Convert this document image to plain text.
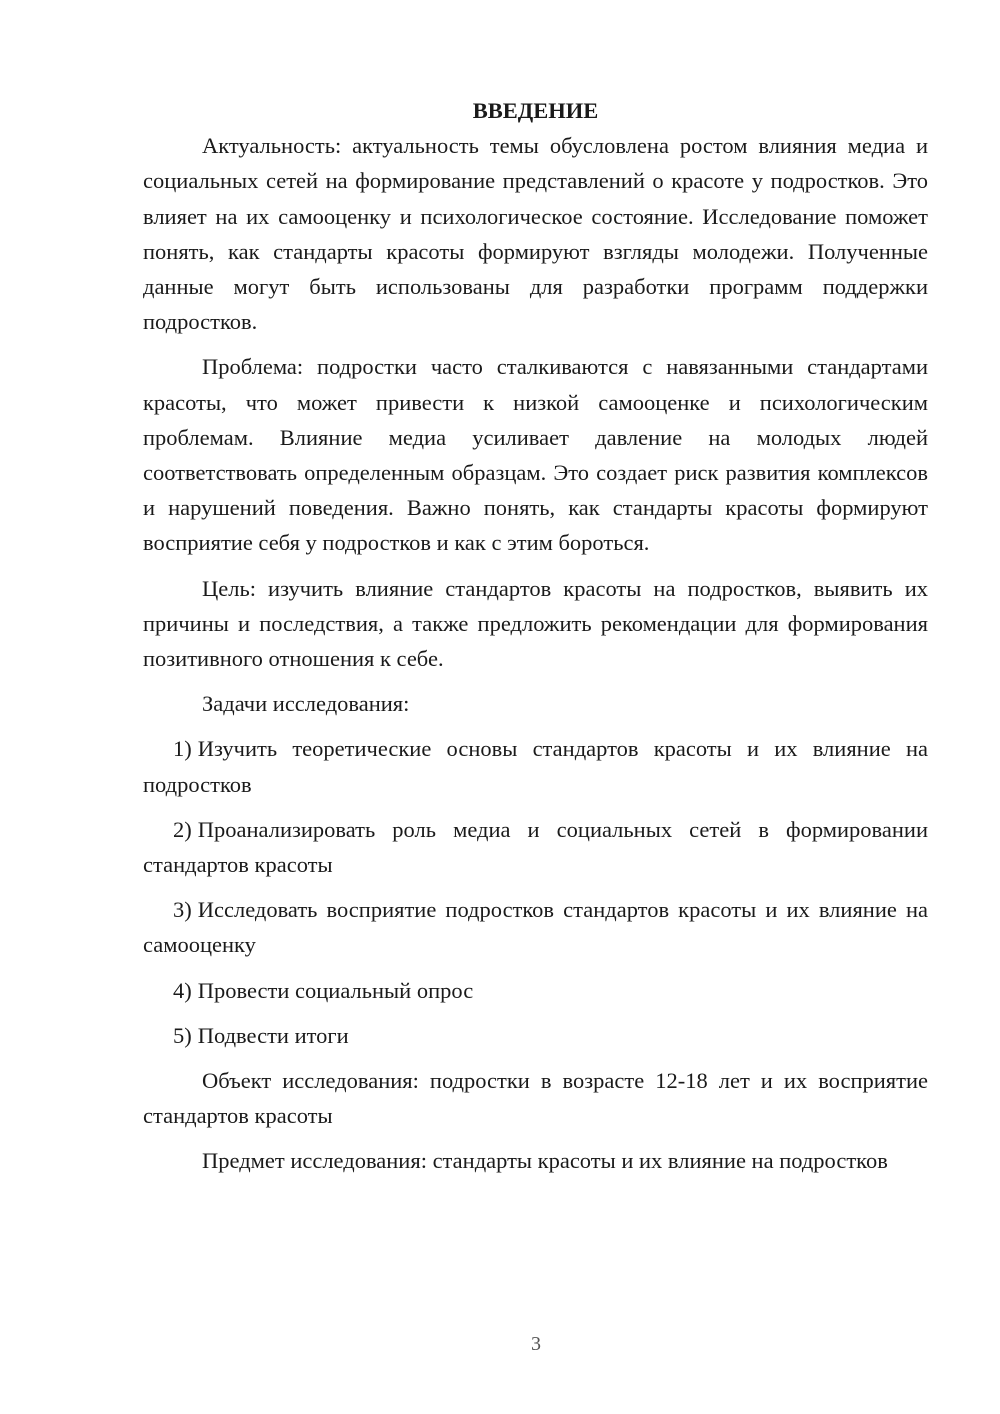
ВВЕДЕНИЕ

Актуальность: актуальность темы обусловлена ростом влияния медиа и социальных сетей на формирование представлений о красоте у подростков. Это влияет на их самооценку и психологическое состояние. Исследование поможет понять, как стандарты красоты формируют взгляды молодежи. Полученные данные могут быть использованы для разработки программ поддержки подростков.

Проблема: подростки часто сталкиваются с навязанными стандартами красоты, что может привести к низкой самооценке и психологическим проблемам. Влияние медиа усиливает давление на молодых людей соответствовать определенным образцам. Это создает риск развития комплексов и нарушений поведения. Важно понять, как стандарты красоты формируют восприятие себя у подростков и как с этим бороться.

Цель: изучить влияние стандартов красоты на подростков, выявить их причины и последствия, а также предложить рекомендации для формирования позитивного отношения к себе.

Задачи исследования:

1) Изучить теоретические основы стандартов красоты и их влияние на подростков

2) Проанализировать роль медиа и социальных сетей в формировании стандартов красоты

3) Исследовать восприятие подростков стандартов красоты и их влияние на самооценку

4) Провести социальный опрос

5) Подвести итоги

Объект исследования: подростки в возрасте 12-18 лет и их восприятие стандартов красоты

Предмет исследования: стандарты красоты и их влияние на подростков

3
